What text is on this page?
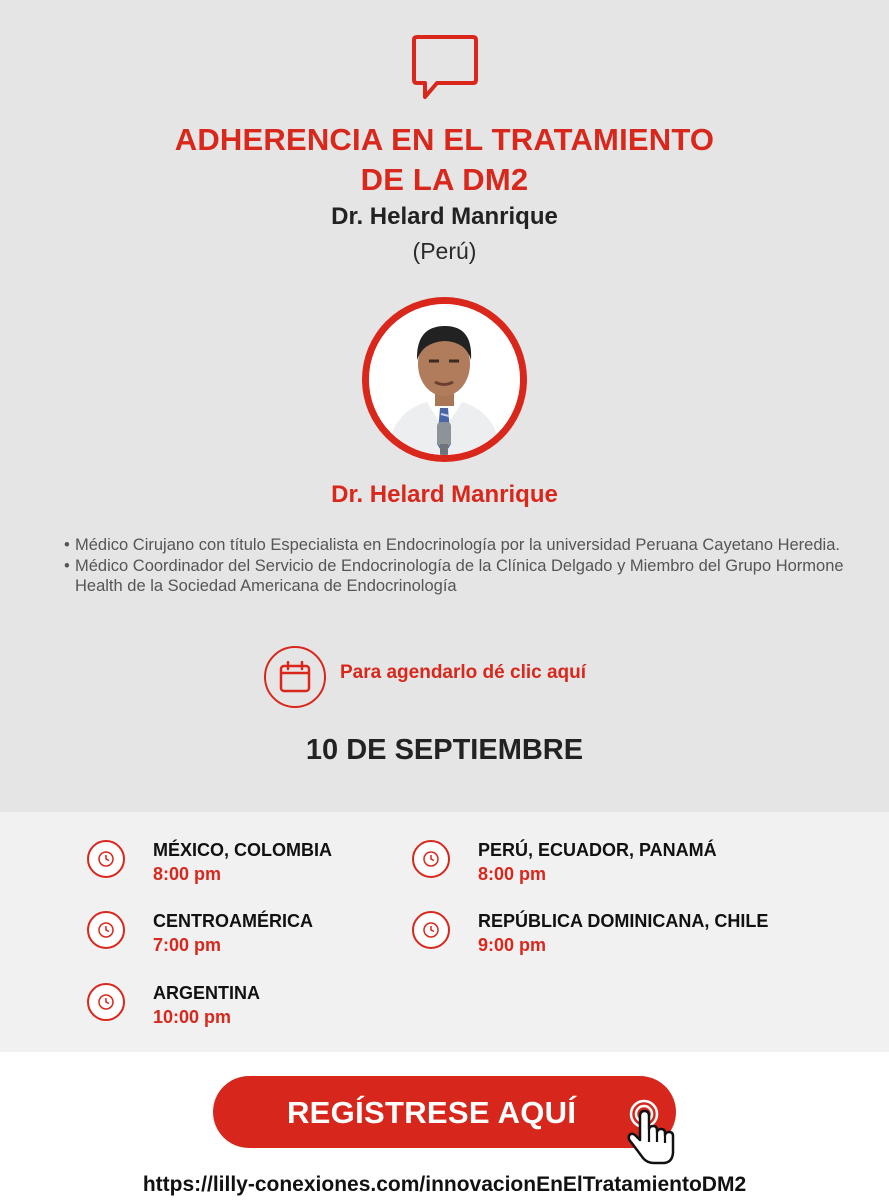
ADHERENCIA EN EL TRATAMIENTO
DE LA DM2
Dr. Helard Manrique
(Perú)
Dr. Helard Manrique
• Médico Cirujano con título Especialista en Endocrinología por la universidad Peruana Cayetano Heredia.
• Médico Coordinador del Servicio de Endocrinología de la Clínica Delgado y Miembro del Grupo Hormone Health de la Sociedad Americana de Endocrinología
Para agendarlo dé clic aquí
10 DE SEPTIEMBRE
MÉXICO, COLOMBIA
8:00 pm
PERÚ, ECUADOR, PANAMÁ
8:00 pm
CENTROAMÉRICA
7:00 pm
REPÚBLICA DOMINICANA, CHILE
9:00 pm
ARGENTINA
10:00 pm
REGÍSTRESE AQUÍ
https://lilly-conexiones.com/innovacionEnElTratamientoDM2
